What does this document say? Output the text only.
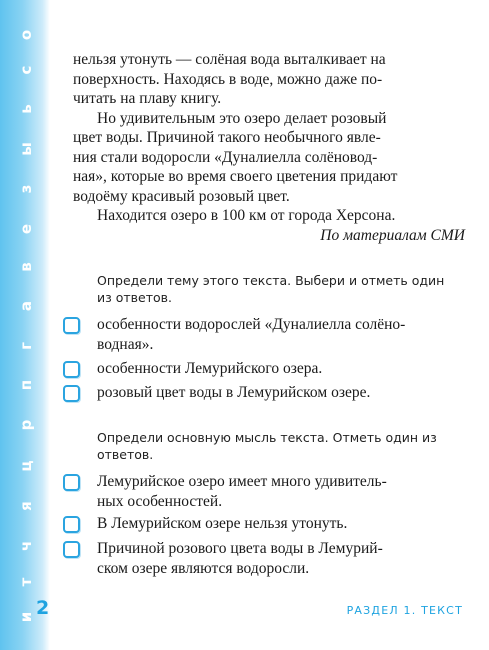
о
с
ь
ы
з
е
в
а
г
п
р
ц
я
ч
т
и

нельзя утонуть — солёная вода выталкивает на

поверхность. Находясь в воде, можно даже по-

читать на плаву книгу.

Но удивительным это озеро делает розовый

цвет воды. Причиной такого необычного явле-

ния стали водоросли «Дуналиелла солёновод-

ная», которые во время своего цветения придают

водоёму красивый розовый цвет.

Находится озеро в 100 км от города Херсона.

По материалам СМИ

Определи тему этого текста. Выбери и отметь один
из ответов.
особенности водорослей «Дуналиелла солёно-
водная».
особенности Лемурийского озера.
розовый цвет воды в Лемурийском озере.
Определи основную мысль текста. Отметь один из
ответов.
Лемурийское озеро имеет много удивитель-
ных особенностей.
В Лемурийском озере нельзя утонуть.
Причиной розового цвета воды в Лемурий-
ском озере являются водоросли.
2	РАЗДЕЛ 1. ТЕКСТ
